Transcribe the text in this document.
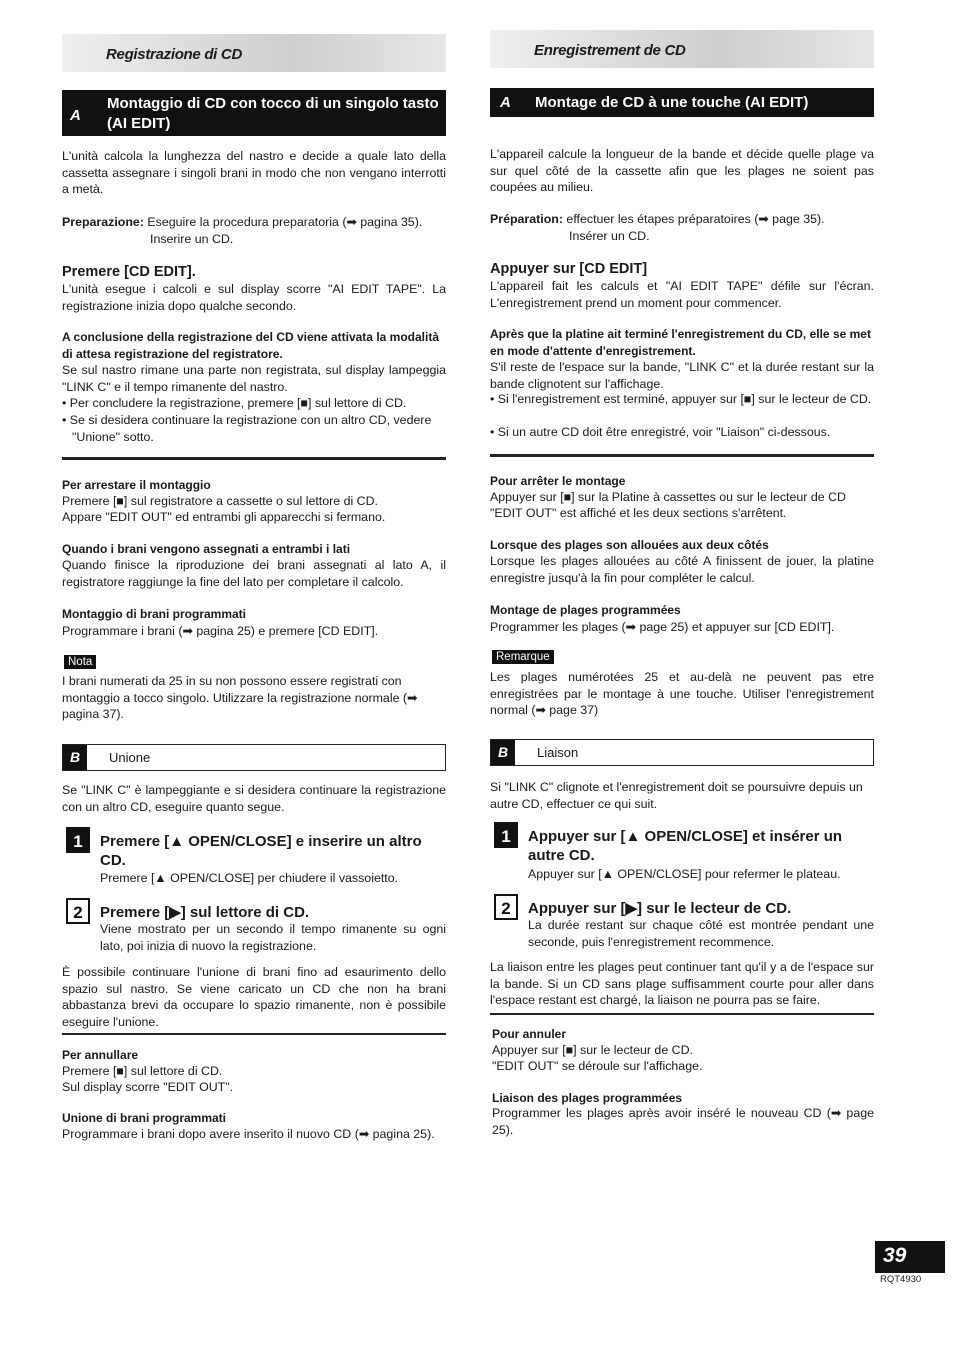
Registrazione di CD
A
Montaggio di CD con tocco di un singolo tasto
(AI EDIT)
L'unità calcola la lunghezza del nastro e decide a quale lato della cassetta assegnare i singoli brani in modo che non vengano interrotti a metà.
Preparazione: Eseguire la procedura preparatoria (➡ pagina 35).
Inserire un CD.
Premere [CD EDIT].
L'unità esegue i calcoli e sul display scorre "AI EDIT TAPE". La registrazione inizia dopo qualche secondo.
A conclusione della registrazione del CD viene attivata la modalità di attesa registrazione del registratore.
Se sul nastro rimane una parte non registrata, sul display lampeggia "LINK C" e il tempo rimanente del nastro.
• Per concludere la registrazione, premere [■] sul lettore di CD.
• Se si desidera continuare la registrazione con un altro CD, vedere "Unione" sotto.
Per arrestare il montaggio
Premere [■] sul registratore a cassette o sul lettore di CD.
Appare "EDIT OUT" ed entrambi gli apparecchi si fermano.
Quando i brani vengono assegnati a entrambi i lati
Quando finisce la riproduzione dei brani assegnati al lato A, il registratore raggiunge la fine del lato per completare il calcolo.
Montaggio di brani programmati
Programmare i brani (➡ pagina 25) e premere [CD EDIT].
Nota
I brani numerati da 25 in su non possono essere registrati con montaggio a tocco singolo. Utilizzare la registrazione normale (➡ pagina 37).
B	Unione
Se "LINK C" è lampeggiante e si desidera continuare la registrazione con un altro CD, eseguire quanto segue.
1	Premere [▲ OPEN/CLOSE] e inserire un altro CD.
Premere [▲ OPEN/CLOSE] per chiudere il vassoietto.
2	Premere [▶] sul lettore di CD.
Viene mostrato per un secondo il tempo rimanente su ogni lato, poi inizia di nuovo la registrazione.
È possibile continuare l'unione di brani fino ad esaurimento dello spazio sul nastro. Se viene caricato un CD che non ha brani abbastanza brevi da occupare lo spazio rimanente, non è possibile eseguire l'unione.
Per annullare
Premere [■] sul lettore di CD.
Sul display scorre "EDIT OUT".
Unione di brani programmati
Programmare i brani dopo avere inserito il nuovo CD (➡ pagina 25).
Enregistrement de CD
A Montage de CD à une touche (AI EDIT)
L'appareil calcule la longueur de la bande et décide quelle plage va sur quel côté de la cassette afin que les plages ne soient pas coupées au milieu.
Préparation: effectuer les étapes préparatoires (➡ page 35).
Insérer un CD.
Appuyer sur [CD EDIT]
L'appareil fait les calculs et "AI EDIT TAPE" défile sur l'écran. L'enregistrement prend un moment pour commencer.
Après que la platine ait terminé l'enregistrement du CD, elle se met en mode d'attente d'enregistrement.
S'il reste de l'espace sur la bande, "LINK C" et la durée restant sur la bande clignotent sur l'affichage.
• Si l'enregistrement est terminé, appuyer sur [■] sur le lecteur de CD.
• Si un autre CD doit être enregistré, voir "Liaison" ci-dessous.
Pour arrêter le montage
Appuyer sur [■] sur la Platine à cassettes ou sur le lecteur de CD
"EDIT OUT" est affiché et les deux sections s'arrêtent.
Lorsque des plages son allouées aux deux côtés
Lorsque les plages allouées au côté A finissent de jouer, la platine enregistre jusqu'à la fin pour compléter le calcul.
Montage de plages programmées
Programmer les plages (➡ page 25) et appuyer sur [CD EDIT].
Remarque
Les plages numérotées 25 et au-delà ne peuvent pas etre enregistrées par le montage à une touche. Utiliser l'enregistrement normal (➡ page 37)
B	Liaison
Si "LINK C" clignote et l'enregistrement doit se poursuivre depuis un autre CD, effectuer ce qui suit.
1	Appuyer sur [▲ OPEN/CLOSE] et insérer un autre CD.
Appuyer sur [▲ OPEN/CLOSE] pour refermer le plateau.
2	Appuyer sur [▶] sur le lecteur de CD.
La durée restant sur chaque côté est montrée pendant une seconde, puis l'enregistrement recommence.
La liaison entre les plages peut continuer tant qu'il y a de l'espace sur la bande. Si un CD sans plage suffisamment courte pour aller dans l'espace restant est chargé, la liaison ne pourra pas se faire.
Pour annuler
Appuyer sur [■] sur le lecteur de CD.
"EDIT OUT" se déroule sur l'affichage.
Liaison des plages programmées
Programmer les plages après avoir inséré le nouveau CD (➡ page 25).
39
RQT4930
